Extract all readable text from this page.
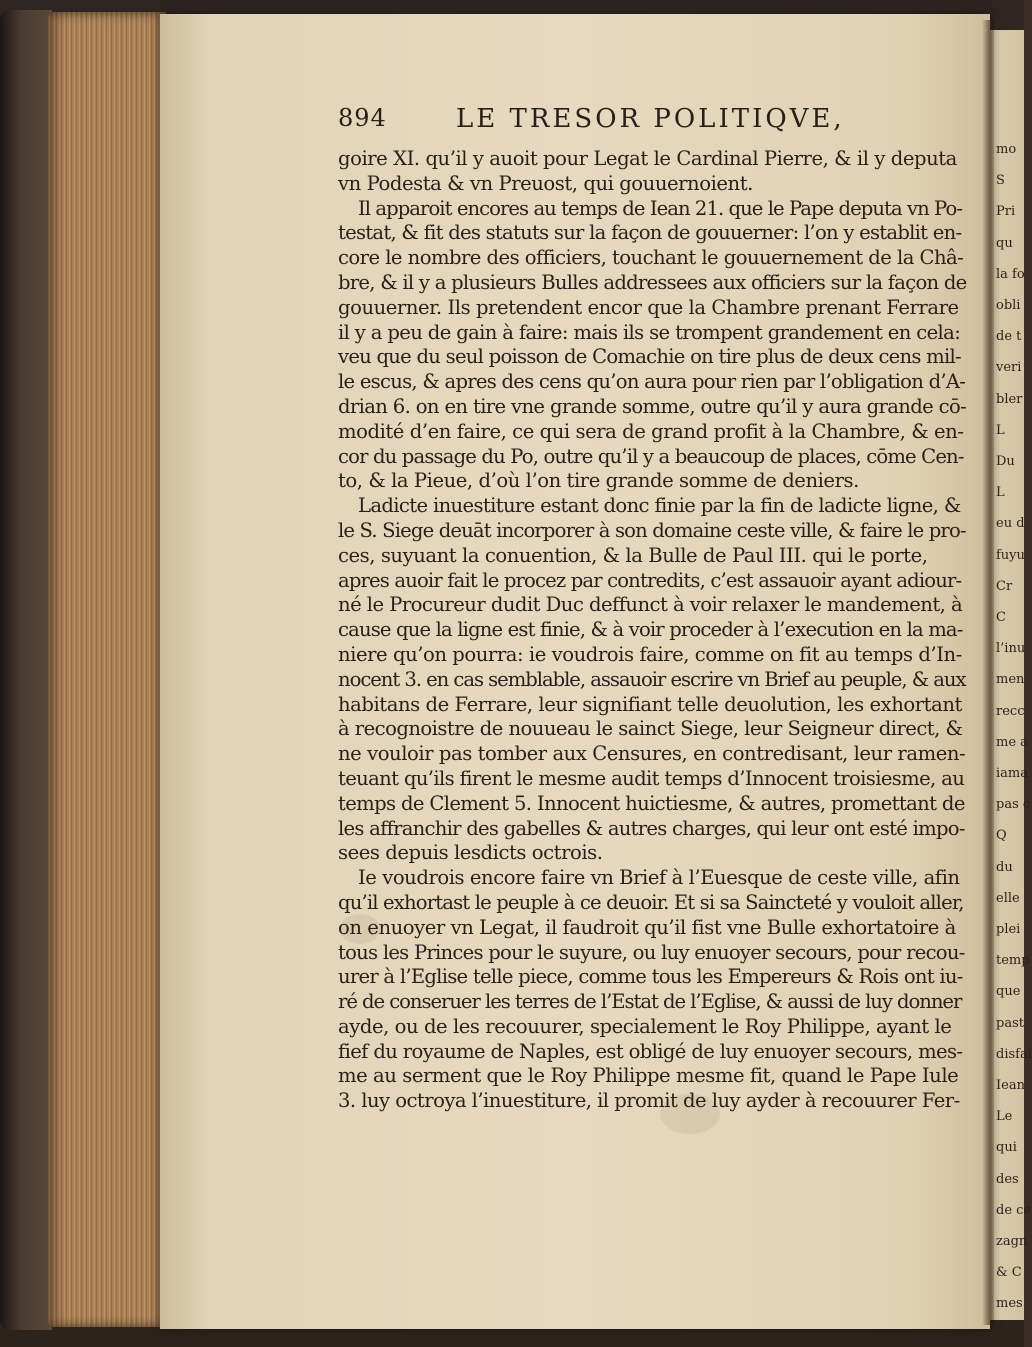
mo
S
Pri
qu
la fo
obli
de t
veri
bler
L
Du
L
eu d
fuyu
Cr
C
l’inu
men
recc
me a
iama
pas c
Q
du
elle
plei
temp
que
past
disfai
Iean
Le
qui
des
de ce
zagn
& C
mes
894	LE TRESOR POLITIQVE,
goire XI. qu’il y auoit pour Legat le Cardinal Pierre, & il y deputa
vn Podesta & vn Preuost, qui gouuernoient.
Il apparoit encores au temps de Iean 21. que le Pape deputa vn Po-
testat, & fit des statuts sur la façon de gouuerner: l’on y establit en-
core le nombre des officiers, touchant le gouuernement de la Châ-
bre, & il y a plusieurs Bulles addressees aux officiers sur la façon de
gouuerner. Ils pretendent encor que la Chambre prenant Ferrare
il y a peu de gain à faire: mais ils se trompent grandement en cela:
veu que du seul poisson de Comachie on tire plus de deux cens mil-
le escus, & apres des cens qu’on aura pour rien par l’obligation d’A-
drian 6. on en tire vne grande somme, outre qu’il y aura grande cō-
modité d’en faire, ce qui sera de grand profit à la Chambre, & en-
cor du passage du Po, outre qu’il y a beaucoup de places, cōme Cen-
to, & la Pieue, d’où l’on tire grande somme de deniers.
Ladicte inuestiture estant donc finie par la fin de ladicte ligne, &
le S. Siege deuāt incorporer à son domaine ceste ville, & faire le pro-
ces, suyuant la conuention, & la Bulle de Paul III. qui le porte,
apres auoir fait le procez par contredits, c’est assauoir ayant adiour-
né le Procureur dudit Duc deffunct à voir relaxer le mandement, à
cause que la ligne est finie, & à voir proceder à l’execution en la ma-
niere qu’on pourra: ie voudrois faire, comme on fit au temps d’In-
nocent 3. en cas semblable, assauoir escrire vn Brief au peuple, & aux
habitans de Ferrare, leur signifiant telle deuolution, les exhortant
à recognoistre de nouueau le sainct Siege, leur Seigneur direct, &
ne vouloir pas tomber aux Censures, en contredisant, leur ramen-
teuant qu’ils firent le mesme audit temps d’Innocent troisiesme, au
temps de Clement 5. Innocent huictiesme, & autres, promettant de
les affranchir des gabelles & autres charges, qui leur ont esté impo-
sees depuis lesdicts octrois.
Ie voudrois encore faire vn Brief à l’Euesque de ceste ville, afin
qu’il exhortast le peuple à ce deuoir. Et si sa Saincteté y vouloit aller,
on enuoyer vn Legat, il faudroit qu’il fist vne Bulle exhortatoire à
tous les Princes pour le suyure, ou luy enuoyer secours, pour recou-
urer à l’Eglise telle piece, comme tous les Empereurs & Rois ont iu-
ré de conseruer les terres de l’Estat de l’Eglise, & aussi de luy donner
ayde, ou de les recouurer, specialement le Roy Philippe, ayant le
fief du royaume de Naples, est obligé de luy enuoyer secours, mes-
me au serment que le Roy Philippe mesme fit, quand le Pape Iule
3. luy octroya l’inuestiture, il promit de luy ayder à recouurer Fer-
